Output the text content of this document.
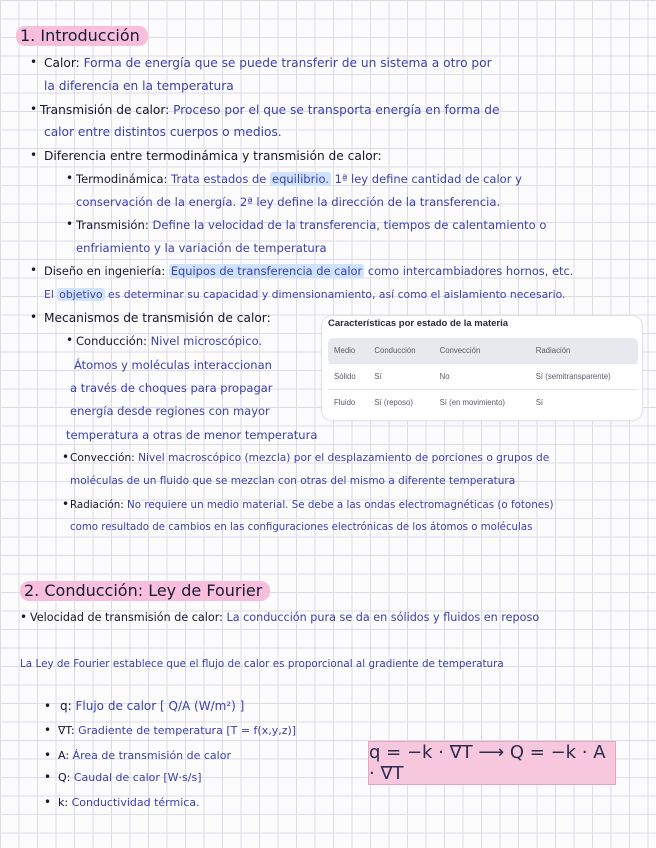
1. Introducción
• Calor: Forma de energía que se puede transferir de un sistema a otro por
la diferencia en la temperatura
• Transmisión de calor: Proceso por el que se transporta energía en forma de
calor entre distintos cuerpos o medios.
• Diferencia entre termodinámica y transmisión de calor:
• Termodinámica: Trata estados de equilibrio. 1ª ley define cantidad de calor y
conservación de la energía. 2ª ley define la dirección de la transferencia.
• Transmisión: Define la velocidad de la transferencia, tiempos de calentamiento o
enfriamiento y la variación de temperatura
• Diseño en ingeniería: Equipos de transferencia de calor como intercambiadores hornos, etc.
El objetivo es determinar su capacidad y dimensionamiento, así como el aislamiento necesario.
• Mecanismos de transmisión de calor:
• Conducción: Nivel microscópico.
Átomos y moléculas interaccionan
a través de choques para propagar
energía desde regiones con mayor
temperatura a otras de menor temperatura
Características por estado de la materia
Medio	Conducción	Convección	Radiación
Sólido	Sí	No	Sí (semitransparente)
Fluido	Sí (reposo)	Sí (en movimiento)	Sí
• Convección: Nivel macroscópico (mezcla) por el desplazamiento de porciones o grupos de
moléculas de un fluido que se mezclan con otras del mismo a diferente temperatura
• Radiación: No requiere un medio material. Se debe a las ondas electromagnéticas (o fotones)
como resultado de cambios en las configuraciones electrónicas de los átomos o moléculas
2. Conducción: Ley de Fourier
• Velocidad de transmisión de calor: La conducción pura se da en sólidos y fluidos en reposo
La Ley de Fourier establece que el flujo de calor es proporcional al gradiente de temperatura
• q: Flujo de calor [ Q/A (W/m²) ]
• ∇T: Gradiente de temperatura [T = f(x,y,z)]
• A: Área de transmisión de calor
• Q: Caudal de calor [W·s/s]
• k: Conductividad térmica.
q = −k · ∇T ⟶ Q = −k · A · ∇T
